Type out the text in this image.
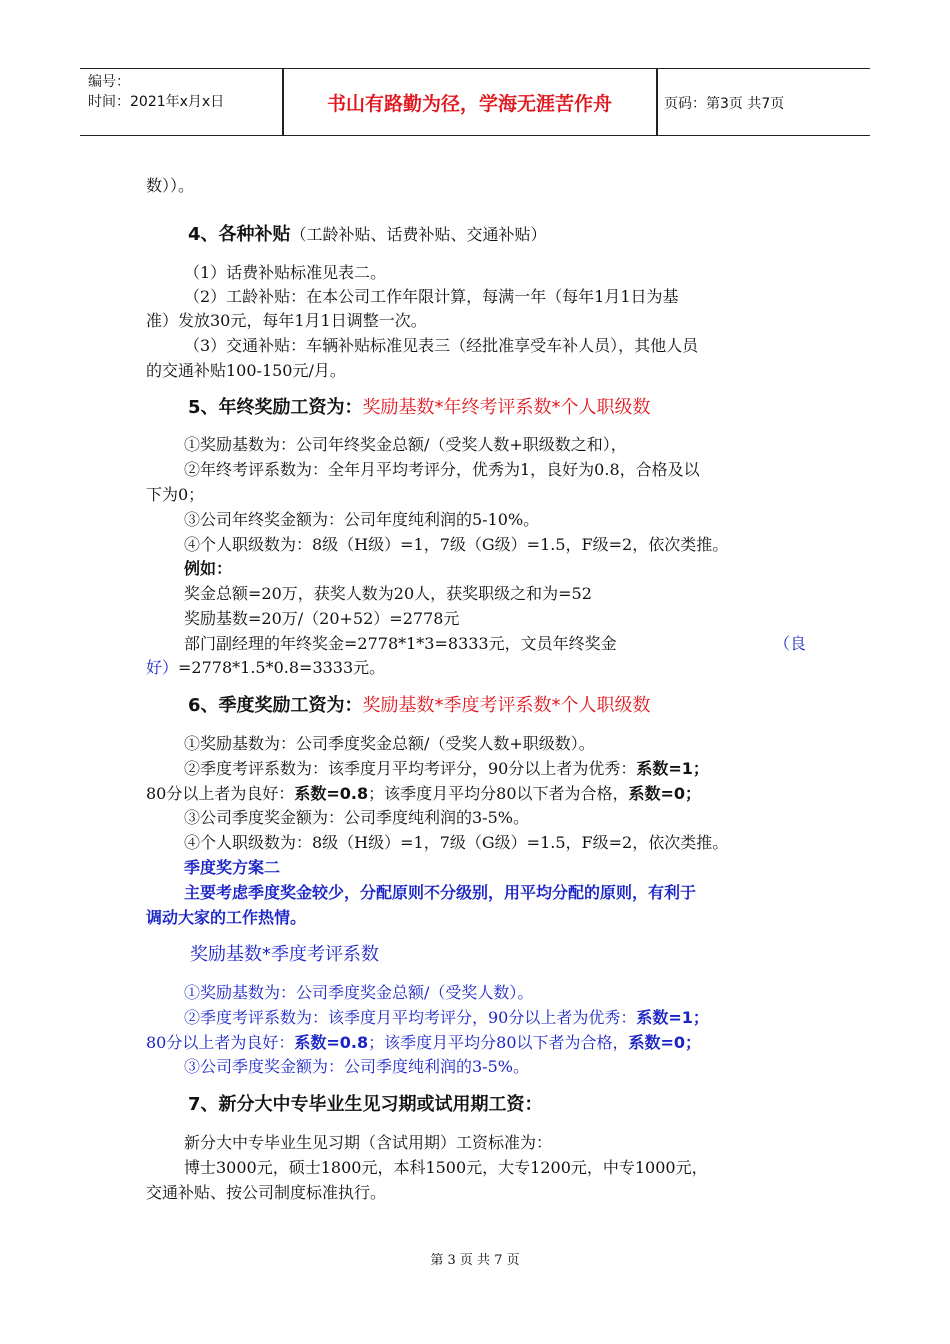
编号：
时间：2021年x月x日	书山有路勤为径，学海无涯苦作舟	页码：第3页 共7页
数））。
4、各种补贴（工龄补贴、话费补贴、交通补贴）
（1）话费补贴标准见表二。
（2）工龄补贴：在本公司工作年限计算，每满一年（每年1月1日为基
准）发放30元，每年1月1日调整一次。
（3）交通补贴：车辆补贴标准见表三（经批准享受车补人员），其他人员
的交通补贴100-150元/月。
5、年终奖励工资为：奖励基数*年终考评系数*个人职级数
①奖励基数为：公司年终奖金总额/（受奖人数+职级数之和），
②年终考评系数为：全年月平均考评分，优秀为1，良好为0.8，合格及以
下为0；
③公司年终奖金额为：公司年度纯利润的5-10%。
④个人职级数为：8级（H级）=1，7级（G级）=1.5，F级=2，依次类推。
例如：
奖金总额=20万，获奖人数为20人，获奖职级之和为=52
奖励基数=20万/（20+52）=2778元
部门副经理的年终奖金=2778*1*3=8333元，文员年终奖金	（良
好）=2778*1.5*0.8=3333元。
6、季度奖励工资为：奖励基数*季度考评系数*个人职级数
①奖励基数为：公司季度奖金总额/（受奖人数+职级数）。
②季度考评系数为：该季度月平均考评分，90分以上者为优秀：系数=1；
80分以上者为良好：系数=0.8；该季度月平均分80以下者为合格，系数=0；
③公司季度奖金额为：公司季度纯利润的3-5%。
④个人职级数为：8级（H级）=1，7级（G级）=1.5，F级=2，依次类推。
季度奖方案二
主要考虑季度奖金较少，分配原则不分级别，用平均分配的原则，有利于
调动大家的工作热情。
奖励基数*季度考评系数
①奖励基数为：公司季度奖金总额/（受奖人数）。
②季度考评系数为：该季度月平均考评分，90分以上者为优秀：系数=1；
80分以上者为良好：系数=0.8；该季度月平均分80以下者为合格，系数=0；
③公司季度奖金额为：公司季度纯利润的3-5%。
7、新分大中专毕业生见习期或试用期工资：
新分大中专毕业生见习期（含试用期）工资标准为：
博士3000元，硕士1800元，本科1500元，大专1200元，中专1000元，
交通补贴、按公司制度标准执行。
第 3 页 共 7 页
